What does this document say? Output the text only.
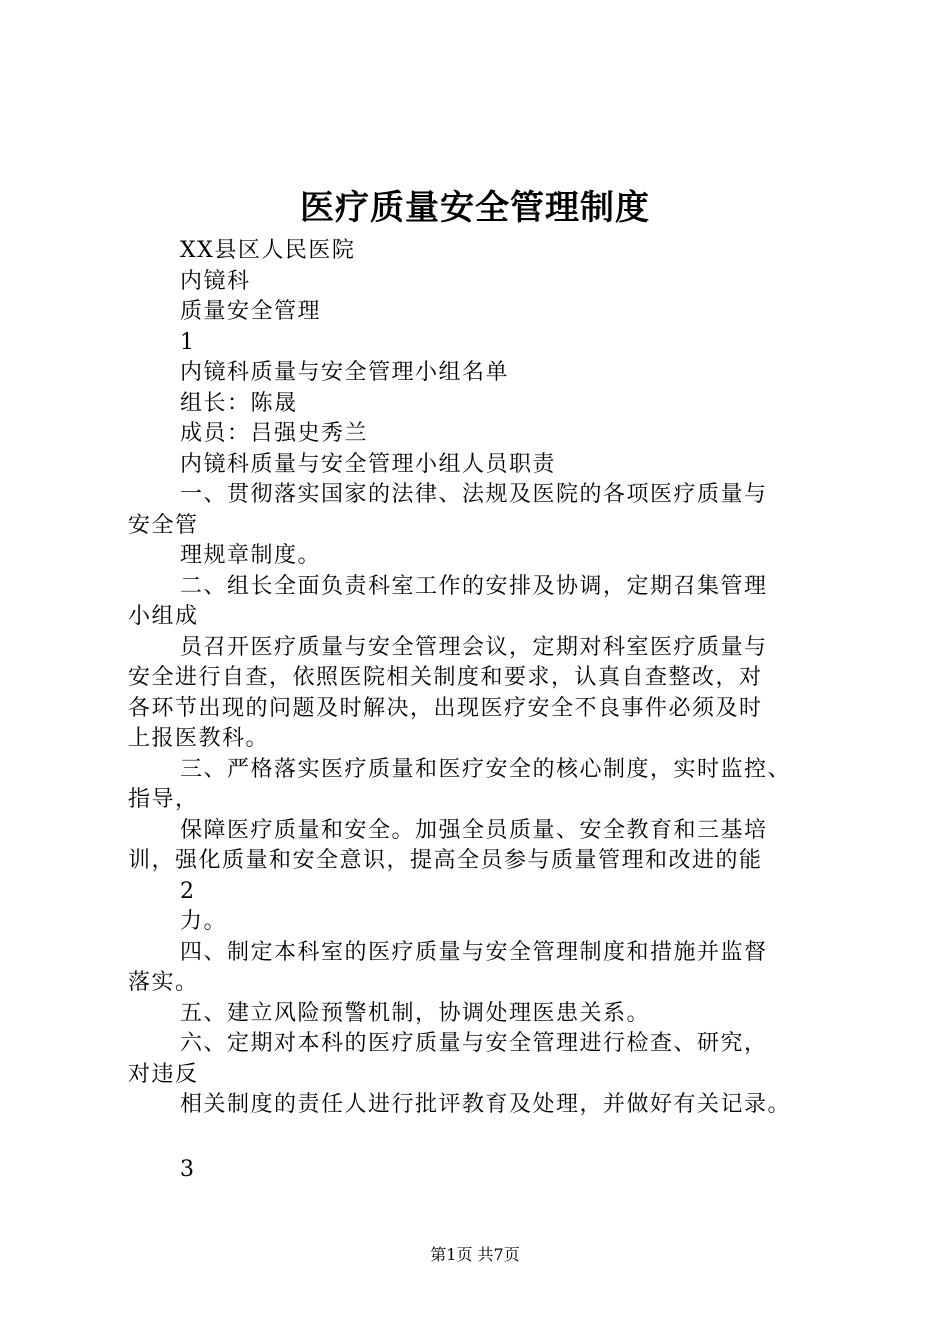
医疗质量安全管理制度
XX县区人民医院
内镜科
质量安全管理
1
内镜科质量与安全管理小组名单
组长：陈晟
成员：吕强史秀兰
内镜科质量与安全管理小组人员职责
一、贯彻落实国家的法律、法规及医院的各项医疗质量与
安全管
理规章制度。
二、组长全面负责科室工作的安排及协调，定期召集管理
小组成
员召开医疗质量与安全管理会议，定期对科室医疗质量与
安全进行自查，依照医院相关制度和要求，认真自查整改，对
各环节出现的问题及时解决，出现医疗安全不良事件必须及时
上报医教科。
三、严格落实医疗质量和医疗安全的核心制度，实时监控、
指导，
保障医疗质量和安全。加强全员质量、安全教育和三基培
训，强化质量和安全意识，提高全员参与质量管理和改进的能
2
力。
四、制定本科室的医疗质量与安全管理制度和措施并监督
落实。
五、建立风险预警机制，协调处理医患关系。
六、定期对本科的医疗质量与安全管理进行检查、研究，
对违反
相关制度的责任人进行批评教育及处理，并做好有关记录。
3
第1页 共7页
